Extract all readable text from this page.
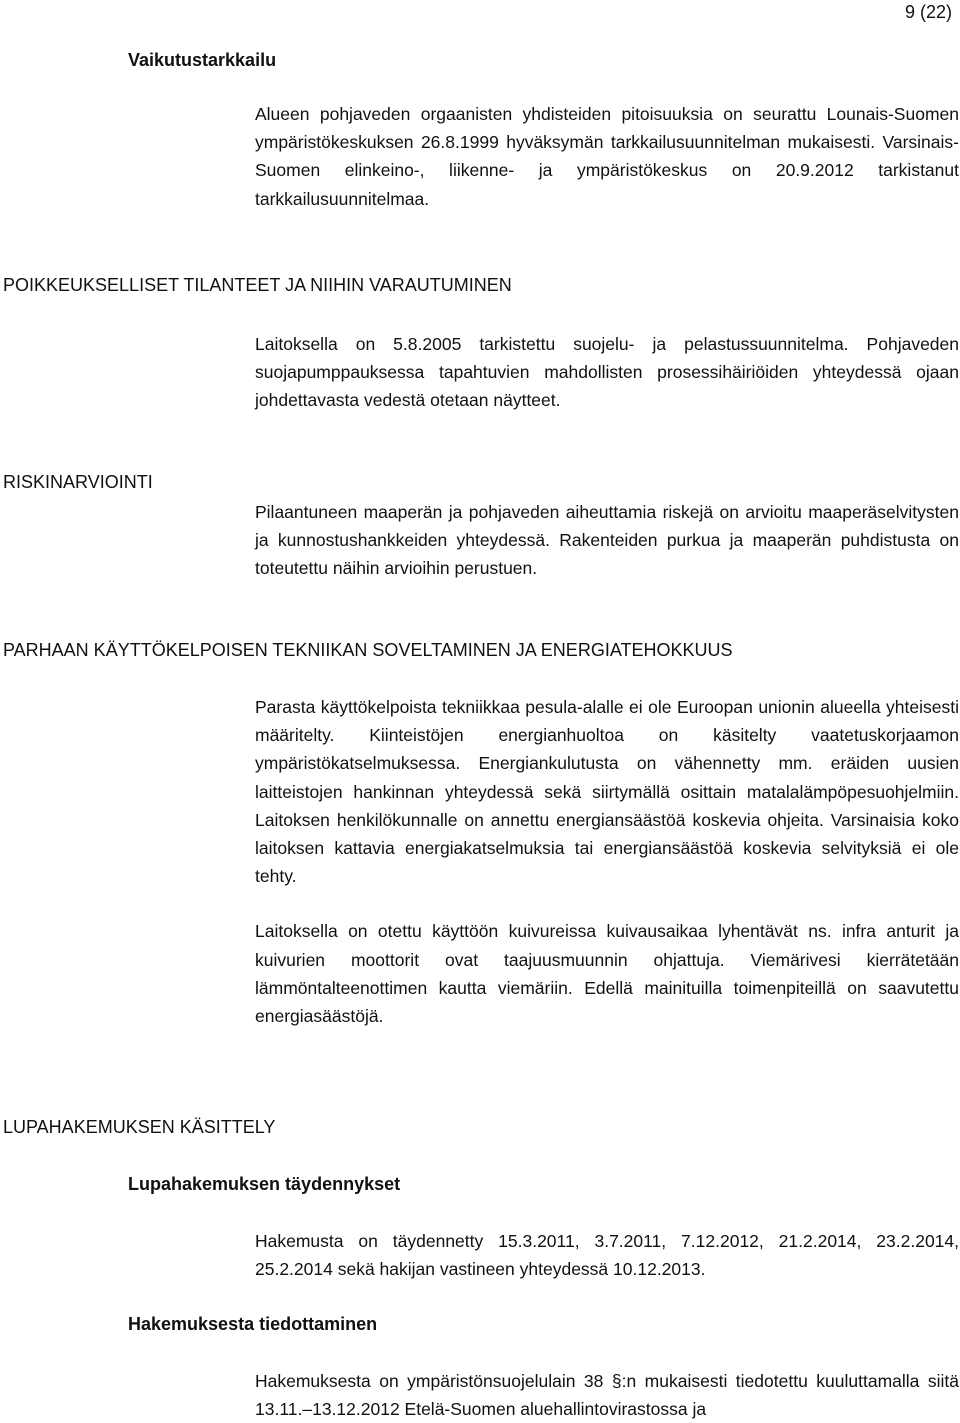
9 (22)
Vaikutustarkkailu

Alueen pohjaveden orgaanisten yhdisteiden pitoisuuksia on seurattu Lounais-Suomen ympäristökeskuksen 26.8.1999 hyväksymän tarkkailusuunnitelman mukaisesti. Varsinais-Suomen elinkeino-, liikenne- ja ympäristökeskus on 20.9.2012 tarkistanut tarkkailusuunnitelmaa.

POIKKEUKSELLISET TILANTEET JA NIIHIN VARAUTUMINEN

Laitoksella on 5.8.2005 tarkistettu suojelu- ja pelastussuunnitelma. Pohjaveden suojapumppauksessa tapahtuvien mahdollisten prosessihäiriöiden yhteydessä ojaan johdettavasta vedestä otetaan näytteet.

RISKINARVIOINTI

Pilaantuneen maaperän ja pohjaveden aiheuttamia riskejä on arvioitu maaperäselvitysten ja kunnostushankkeiden yhteydessä. Rakenteiden purkua ja maaperän puhdistusta on toteutettu näihin arvioihin perustuen.

PARHAAN KÄYTTÖKELPOISEN TEKNIIKAN SOVELTAMINEN JA ENERGIATEHOKKUUS

Parasta käyttökelpoista tekniikkaa pesula-alalle ei ole Euroopan unionin alueella yhteisesti määritelty. Kiinteistöjen energianhuoltoa on käsitelty vaatetuskorjaamon ympäristökatselmuksessa. Energiankulutusta on vähennetty mm. eräiden uusien laitteistojen hankinnan yhteydessä sekä siirtymällä osittain matalalämpöpesuohjelmiin. Laitoksen henkilökunnalle on annettu energiansäästöä koskevia ohjeita. Varsinaisia koko laitoksen kattavia energiakatselmuksia tai energiansäästöä koskevia selvityksiä ei ole tehty.

Laitoksella on otettu käyttöön kuivureissa kuivausaikaa lyhentävät ns. infra anturit ja kuivurien moottorit ovat taajuusmuunnin ohjattuja. Viemärivesi kierrätetään lämmöntalteenottimen kautta viemäriin. Edellä mainituilla toimenpiteillä on saavutettu energiasäästöjä.

LUPAHAKEMUKSEN KÄSITTELY
Lupahakemuksen täydennykset

Hakemusta on täydennetty 15.3.2011, 3.7.2011, 7.12.2012, 21.2.2014, 23.2.2014, 25.2.2014 sekä hakijan vastineen yhteydessä 10.12.2013.

Hakemuksesta tiedottaminen

Hakemuksesta on ympäristönsuojelulain 38 §:n mukaisesti tiedotettu kuuluttamalla siitä 13.11.–13.12.2012 Etelä-Suomen aluehallintovirastossa ja
